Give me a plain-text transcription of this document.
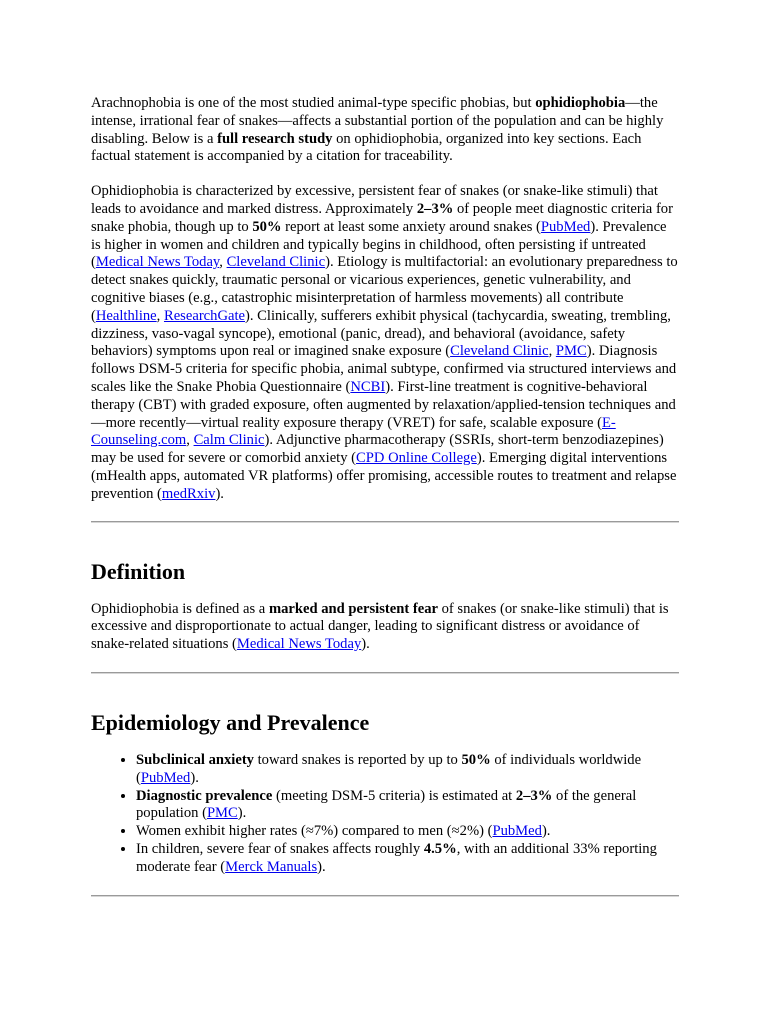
Arachnophobia is one of the most studied animal-type specific phobias, but ophidiophobia—the intense, irrational fear of snakes—affects a substantial portion of the population and can be highly disabling. Below is a full research study on ophidiophobia, organized into key sections. Each factual statement is accompanied by a citation for traceability.

Ophidiophobia is characterized by excessive, persistent fear of snakes (or snake-like stimuli) that leads to avoidance and marked distress. Approximately 2–3% of people meet diagnostic criteria for snake phobia, though up to 50% report at least some anxiety around snakes (PubMed). Prevalence is higher in women and children and typically begins in childhood, often persisting if untreated (Medical News Today, Cleveland Clinic). Etiology is multifactorial: an evolutionary preparedness to detect snakes quickly, traumatic personal or vicarious experiences, genetic vulnerability, and cognitive biases (e.g., catastrophic misinterpretation of harmless movements) all contribute (Healthline, ResearchGate). Clinically, sufferers exhibit physical (tachycardia, sweating, trembling, dizziness, vaso-vagal syncope), emotional (panic, dread), and behavioral (avoidance, safety behaviors) symptoms upon real or imagined snake exposure (Cleveland Clinic, PMC). Diagnosis follows DSM-5 criteria for specific phobia, animal subtype, confirmed via structured interviews and scales like the Snake Phobia Questionnaire (NCBI). First-line treatment is cognitive-behavioral therapy (CBT) with graded exposure, often augmented by relaxation/applied-tension techniques and—more recently—virtual reality exposure therapy (VRET) for safe, scalable exposure (E-Counseling.com, Calm Clinic). Adjunctive pharmacotherapy (SSRIs, short-term benzodiazepines) may be used for severe or comorbid anxiety (CPD Online College). Emerging digital interventions (mHealth apps, automated VR platforms) offer promising, accessible routes to treatment and relapse prevention (medRxiv).

Definition

Ophidiophobia is defined as a marked and persistent fear of snakes (or snake-like stimuli) that is excessive and disproportionate to actual danger, leading to significant distress or avoidance of snake-related situations (Medical News Today).

Epidemiology and Prevalence
• Subclinical anxiety toward snakes is reported by up to 50% of individuals worldwide (PubMed).
• Diagnostic prevalence (meeting DSM-5 criteria) is estimated at 2–3% of the general population (PMC).
• Women exhibit higher rates (≈7%) compared to men (≈2%) (PubMed).
• In children, severe fear of snakes affects roughly 4.5%, with an additional 33% reporting moderate fear (Merck Manuals).
